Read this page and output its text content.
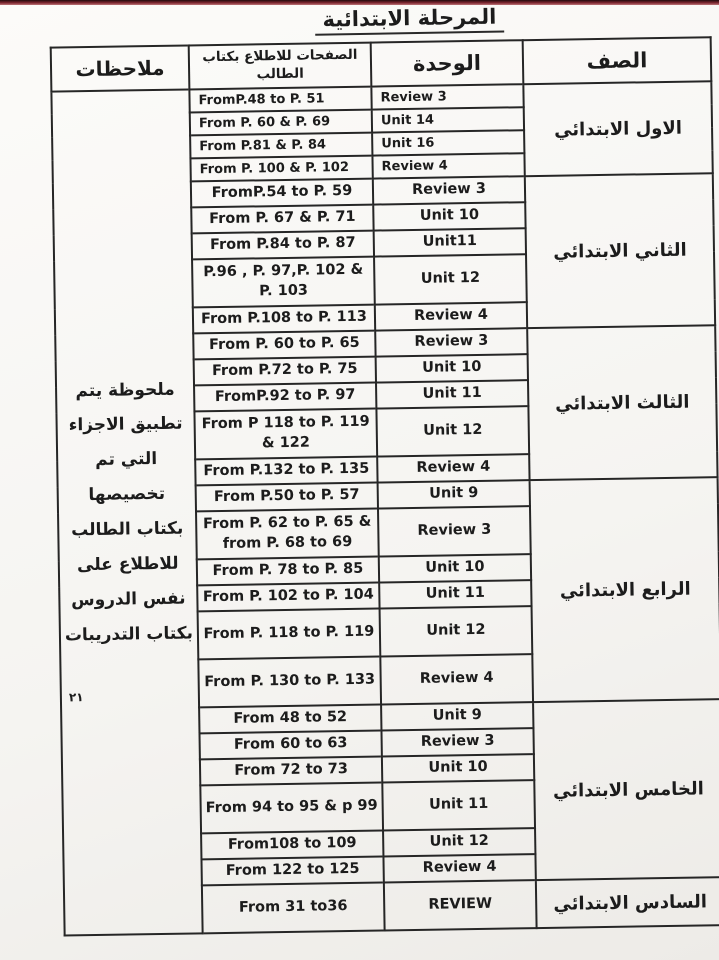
المرحلة الابتدائية
الصف	الوحدة	الصفحات للاطلاع بكتاب الطالب	ملاحظات
الاول الابتدائي	Review 3	FromP.48 to P. 51	
ملحوظة يتم
تطبيق الاجزاء
التي تم
تخصيصها
بكتاب الطالب
للاطلاع على
نفس الدروس
بكتاب التدريبات
٢١

	Unit 14	From P. 60 & P. 69	
	Unit 16	From P.81 & P. 84	
	Review 4	From P. 100 & P. 102	
الثاني الابتدائي	Review 3	FromP.54 to P. 59	
	Unit 10	From P. 67 & P. 71	
	Unit11	From P.84 to P. 87	
	Unit 12	P.96 , P. 97,P. 102 & P. 103	
	Review 4	From P.108 to P. 113	
الثالث الابتدائي	Review 3	From P. 60 to P. 65	
	Unit 10	From P.72 to P. 75	
	Unit 11	FromP.92 to P. 97	
	Unit 12	From P 118 to P. 119 & 122	
	Review 4	From P.132 to P. 135	
الرابع الابتدائي	Unit 9	From P.50 to P. 57	
	Review 3	From P. 62 to P. 65 & from P. 68 to 69	
	Unit 10	From P. 78 to P. 85	
	Unit 11	From P. 102 to P. 104	
	Unit 12	From P. 118 to P. 119	
	Review 4	From P. 130 to P. 133	
الخامس الابتدائي	Unit 9	From 48 to 52	
	Review 3	From 60 to 63	
	Unit 10	From 72 to 73	
	Unit 11	From 94 to 95 & p 99	
	Unit 12	From108 to 109	
	Review 4	From 122 to 125	
السادس الابتدائي	REVIEW	From 31 to36	
